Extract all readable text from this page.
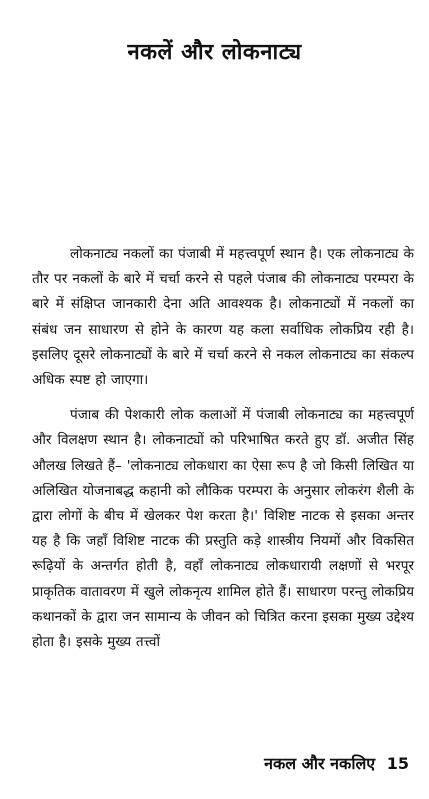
नकलें और लोकनाट्य

लोकनाट्य नकलों का पंजाबी में महत्त्वपूर्ण स्थान है। एक लोकनाट्य के तौर पर नकलों के बारे में चर्चा करने से पहले पंजाब की लोकनाट्य परम्परा के बारे में संक्षिप्त जानकारी देना अति आवश्यक है। लोकनाट्यों में नकलों का संबंध जन साधारण से होने के कारण यह कला सर्वाधिक लोकप्रिय रही है। इसलिए दूसरे लोकनाट्यों के बारे में चर्चा करने से नकल लोकनाट्य का संकल्प अधिक स्पष्ट हो जाएगा।

पंजाब की पेशकारी लोक कलाओं में पंजाबी लोकनाट्य का महत्त्वपूर्ण और विलक्षण स्थान है। लोकनाट्यों को परिभाषित करते हुए डॉ. अजीत सिंह औलख लिखते हैं– 'लोकनाट्य लोकधारा का ऐसा रूप है जो किसी लिखित या अलिखित योजनाबद्ध कहानी को लौकिक परम्परा के अनुसार लोकरंग शैली के द्वारा लोगों के बीच में खेलकर पेश करता है।' विशिष्ट नाटक से इसका अन्तर यह है कि जहाँ विशिष्ट नाटक की प्रस्तुति कड़े शास्त्रीय नियमों और विकसित रूढ़ियों के अन्तर्गत होती है, वहाँ लोकनाट्य लोकधारायी लक्षणों से भरपूर प्राकृतिक वातावरण में खुले लोकनृत्य शामिल होते हैं। साधारण परन्तु लोकप्रिय कथानकों के द्वारा जन सामान्य के जीवन को चित्रित करना इसका मुख्य उद्देश्य होता है। इसके मुख्य तत्त्वों

नकल और नकलिए 15
